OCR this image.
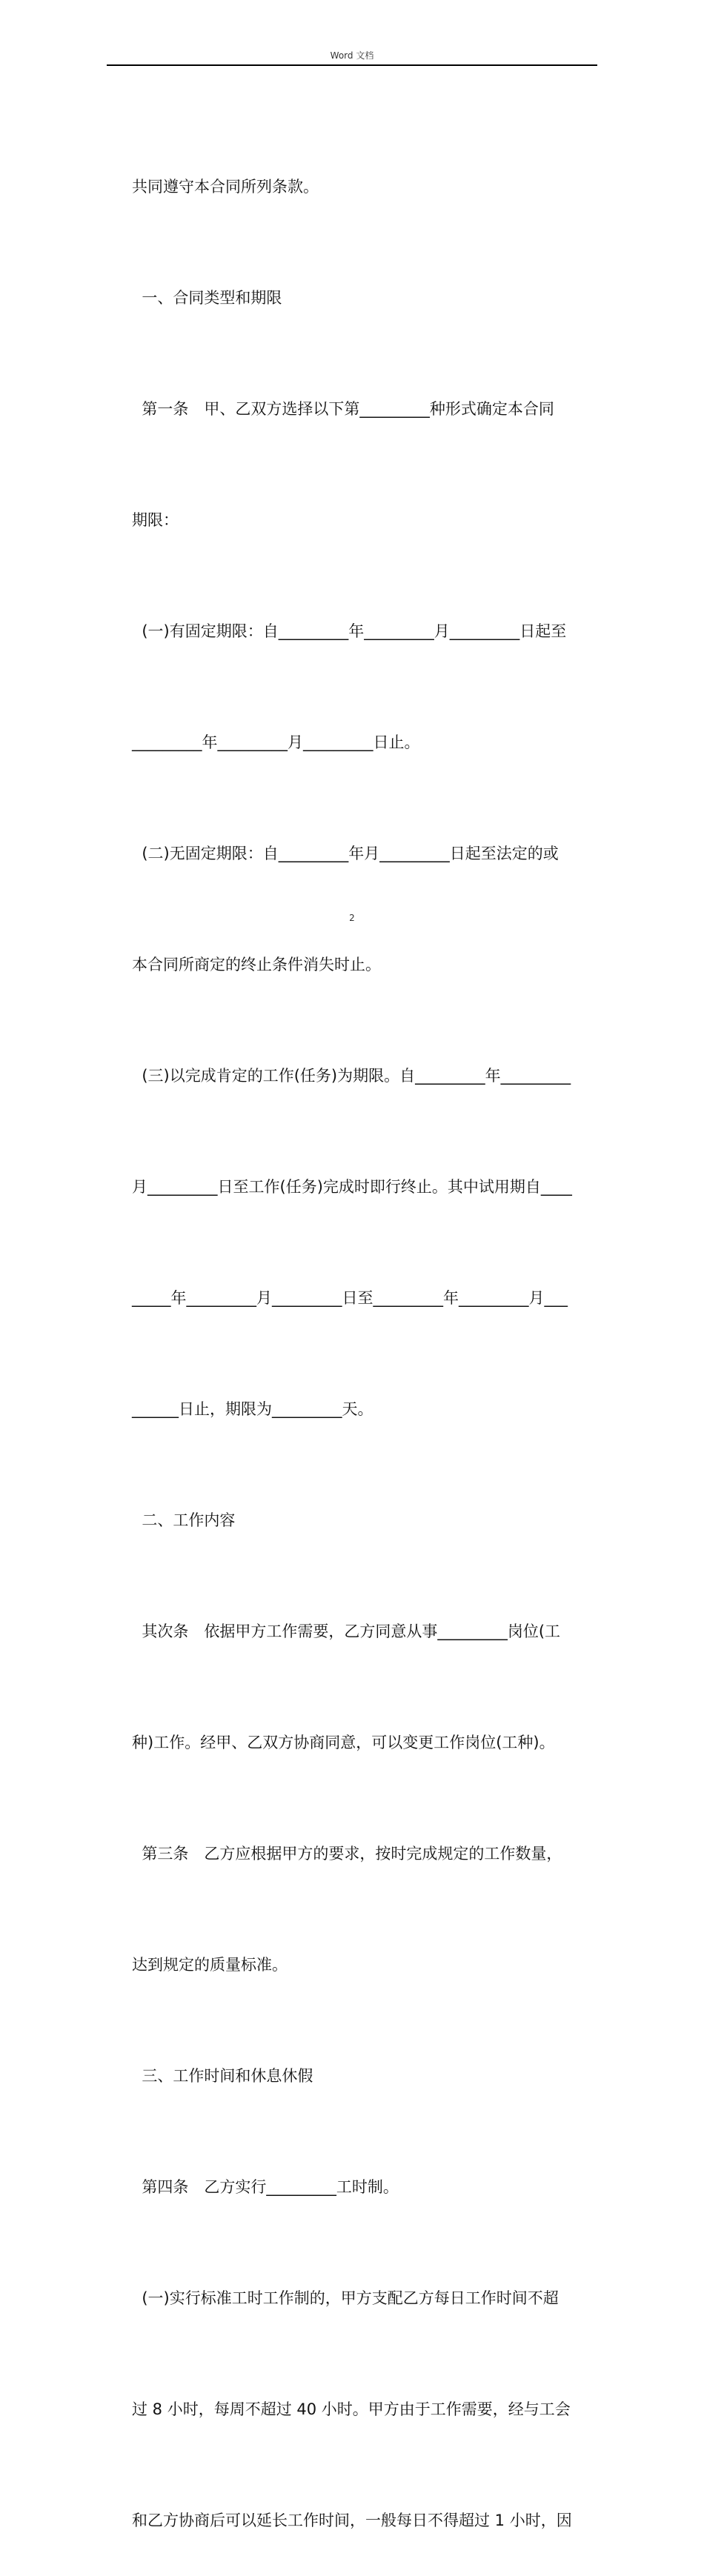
Word 文档

共同遵守本合同所列条款。

一、合同类型和期限

第一条　甲、乙双方选择以下第_________种形式确定本合同

期限：

(一)有固定期限：自_________年_________月_________日起至

_________年_________月_________日止。

(二)无固定期限：自_________年月_________日起至法定的或

本合同所商定的终止条件消失时止。

(三)以完成肯定的工作(任务)为期限。自_________年_________

月_________日至工作(任务)完成时即行终止。其中试用期自____

_____年_________月_________日至_________年_________月___

______日止，期限为_________天。

二、工作内容

其次条　依据甲方工作需要，乙方同意从事_________岗位(工

种)工作。经甲、乙双方协商同意，可以变更工作岗位(工种)。

第三条　乙方应根据甲方的要求，按时完成规定的工作数量，

达到规定的质量标准。

三、工作时间和休息休假

第四条　乙方实行_________工时制。

(一)实行标准工时工作制的，甲方支配乙方每日工作时间不超

过 8 小时，每周不超过 40 小时。甲方由于工作需要，经与工会

和乙方协商后可以延长工作时间，一般每日不得超过 1 小时，因

2
